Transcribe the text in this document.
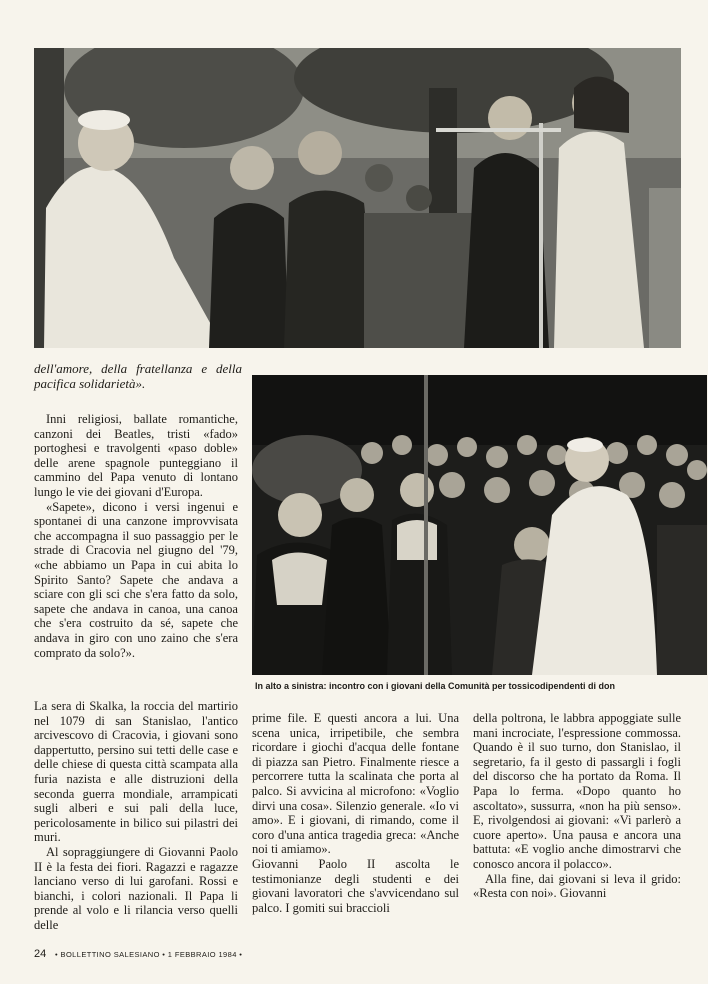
dell'amore, della fratellanza e della pacifica solidarietà».
In alto a sinistra: incontro con i giovani della Comunità per tossicodipendenti di don

Inni religiosi, ballate romantiche, canzoni dei Beatles, tristi «fado» portoghesi e travolgenti «paso doble» delle arene spagnole punteggiano il cammino del Papa venuto di lontano lungo le vie dei giovani d'Europa.

«Sapete», dicono i versi ingenui e spontanei di una canzone improvvisata che accompagna il suo passaggio per le strade di Cracovia nel giugno del '79, «che abbiamo un Papa in cui abita lo Spirito Santo? Sapete che andava a sciare con gli sci che s'era fatto da solo, sapete che andava in canoa, una canoa che s'era costruito da sé, sapete che andava in giro con uno zaino che s'era comprato da solo?».

La sera di Skalka, la roccia del martirio nel 1079 di san Stanislao, l'antico arcivescovo di Cracovia, i giovani sono dappertutto, persino sui tetti delle case e delle chiese di questa città scampata alla furia nazista e alle distruzioni della seconda guerra mondiale, arrampicati sugli alberi e sui pali della luce, pericolosamente in bilico sui pilastri dei muri.

Al sopraggiungere di Giovanni Paolo II è la festa dei fiori. Ragazzi e ragazze lanciano verso di lui garofani. Rossi e bianchi, i colori nazionali. Il Papa li prende al volo e li rilancia verso quelli delle

prime file. E questi ancora a lui. Una scena unica, irripetibile, che sembra ricordare i giochi d'acqua delle fontane di piazza san Pietro. Finalmente riesce a percorrere tutta la scalinata che porta al palco. Si avvicina al microfono: «Voglio dirvi una cosa». Silenzio generale. «Io vi amo». E i giovani, di rimando, come il coro d'una antica tragedia greca: «Anche noi ti amiamo».

Giovanni Paolo II ascolta le testimonianze degli studenti e dei giovani lavoratori che s'avvicendano sul palco. I gomiti sui braccioli

della poltrona, le labbra appoggiate sulle mani incrociate, l'espressione commossa. Quando è il suo turno, don Stanislao, il segretario, fa il gesto di passargli i fogli del discorso che ha portato da Roma. Il Papa lo ferma. «Dopo quanto ho ascoltato», sussurra, «non ha più senso». E, rivolgendosi ai giovani: «Vi parlerò a cuore aperto». Una pausa e ancora una battuta: «E voglio anche dimostrarvi che conosco ancora il polacco».

Alla fine, dai giovani si leva il grido: «Resta con noi». Giovanni

24 • BOLLETTINO SALESIANO • 1 FEBBRAIO 1984 •
